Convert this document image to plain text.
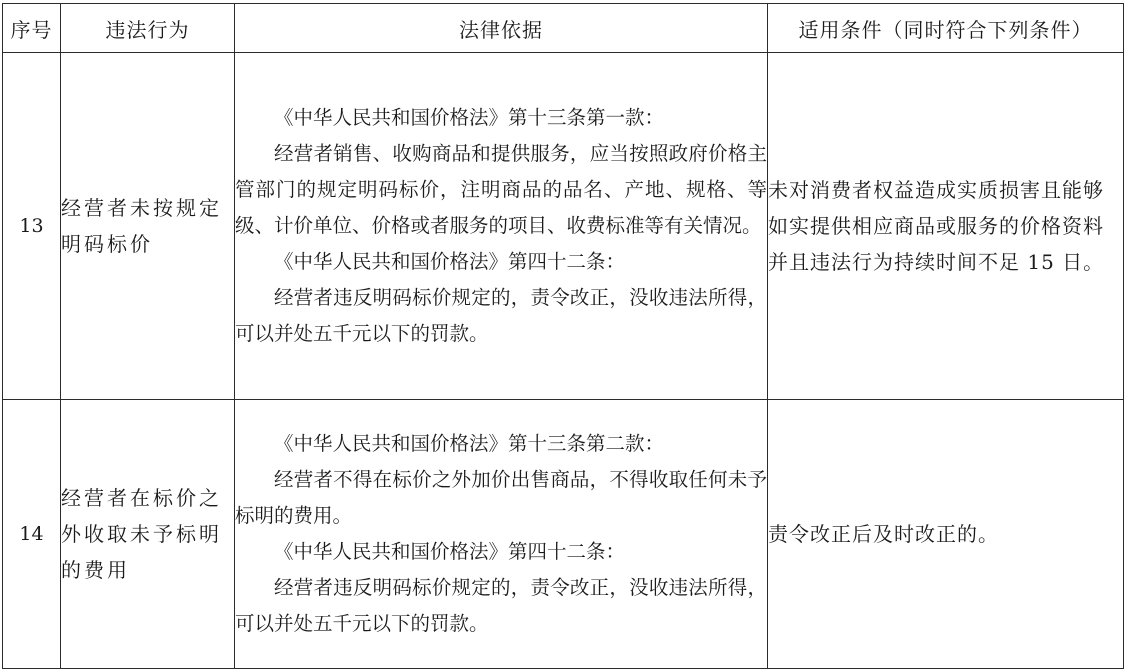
序号	违法行为	法律依据	适用条件（同时符合下列条件）
13	经营者未按规定明码标价	《中华人民共和国价格法》第十三条第一款：
经营者销售、收购商品和提供服务，应当按照政府价格主管部门的规定明码标价，注明商品的品名、产地、规格、等级、计价单位、价格或者服务的项目、收费标准等有关情况。
《中华人民共和国价格法》第四十二条：
经营者违反明码标价规定的，责令改正，没收违法所得，可以并处五千元以下的罚款。	未对消费者权益造成实质损害且能够如实提供相应商品或服务的价格资料并且违法行为持续时间不足 15 日。
14	经营者在标价之外收取未予标明的费用	《中华人民共和国价格法》第十三条第二款：
经营者不得在标价之外加价出售商品，不得收取任何未予标明的费用。
《中华人民共和国价格法》第四十二条：
经营者违反明码标价规定的，责令改正，没收违法所得，可以并处五千元以下的罚款。	责令改正后及时改正的。
